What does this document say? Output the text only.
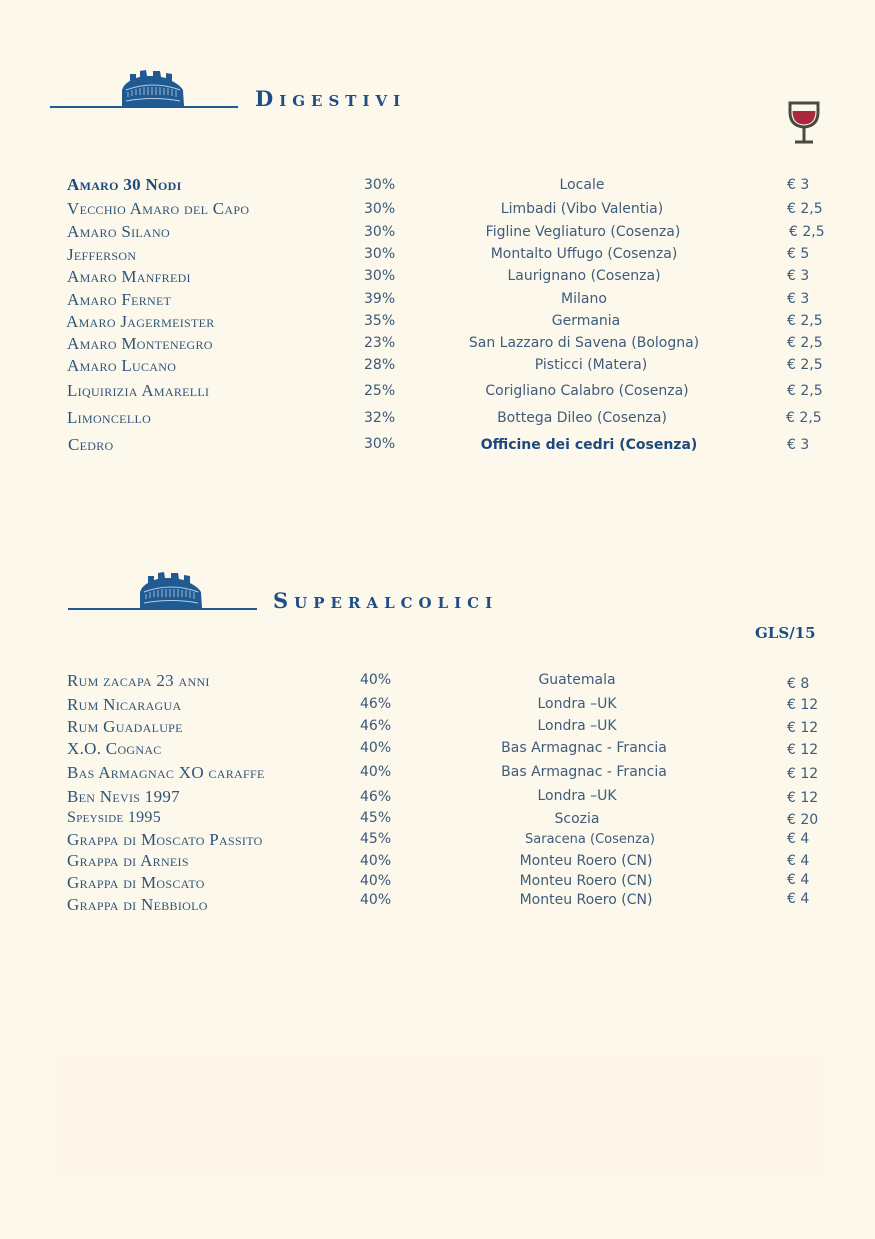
Digestivi
Amaro 30 Nodi	30%	Locale	€ 3
Vecchio Amaro del Capo	30%	Limbadi (Vibo Valentia)	€ 2,5
Amaro Silano	30%	Figline Vegliaturo (Cosenza)	€ 2,5
Jefferson	30%	Montalto Uffugo (Cosenza)	€ 5
Amaro Manfredi	30%	Laurignano (Cosenza)	€ 3
Amaro Fernet	39%	Milano	€ 3
Amaro Jagermeister	35%	Germania	€ 2,5
Amaro Montenegro	23%	San Lazzaro di Savena (Bologna)	€ 2,5
Amaro Lucano	28%	Pisticci (Matera)	€ 2,5
Liquirizia Amarelli	25%	Corigliano Calabro (Cosenza)	€ 2,5
Limoncello	32%	Bottega Dileo (Cosenza)	€ 2,5
Cedro	30%	Officine dei cedri (Cosenza)	€ 3
Superalcolici
GLS/15
Rum zacapa 23 anni	40%	Guatemala	€ 8
Rum Nicaragua	46%	Londra –UK	€ 12
Rum Guadalupe	46%	Londra –UK	€ 12
X.O. Cognac	40%	Bas Armagnac - Francia	€ 12
Bas Armagnac XO caraffe	40%	Bas Armagnac - Francia	€ 12
Ben Nevis 1997	46%	Londra –UK	€ 12
Speyside 1995	45%	Scozia	€ 20
Grappa di Moscato Passito	45%	Saracena (Cosenza)	€ 4
Grappa di Arneis	40%	Monteu Roero (CN)	€ 4
Grappa di Moscato	40%	Monteu Roero (CN)	€ 4
Grappa di Nebbiolo	40%	Monteu Roero (CN)	€ 4
